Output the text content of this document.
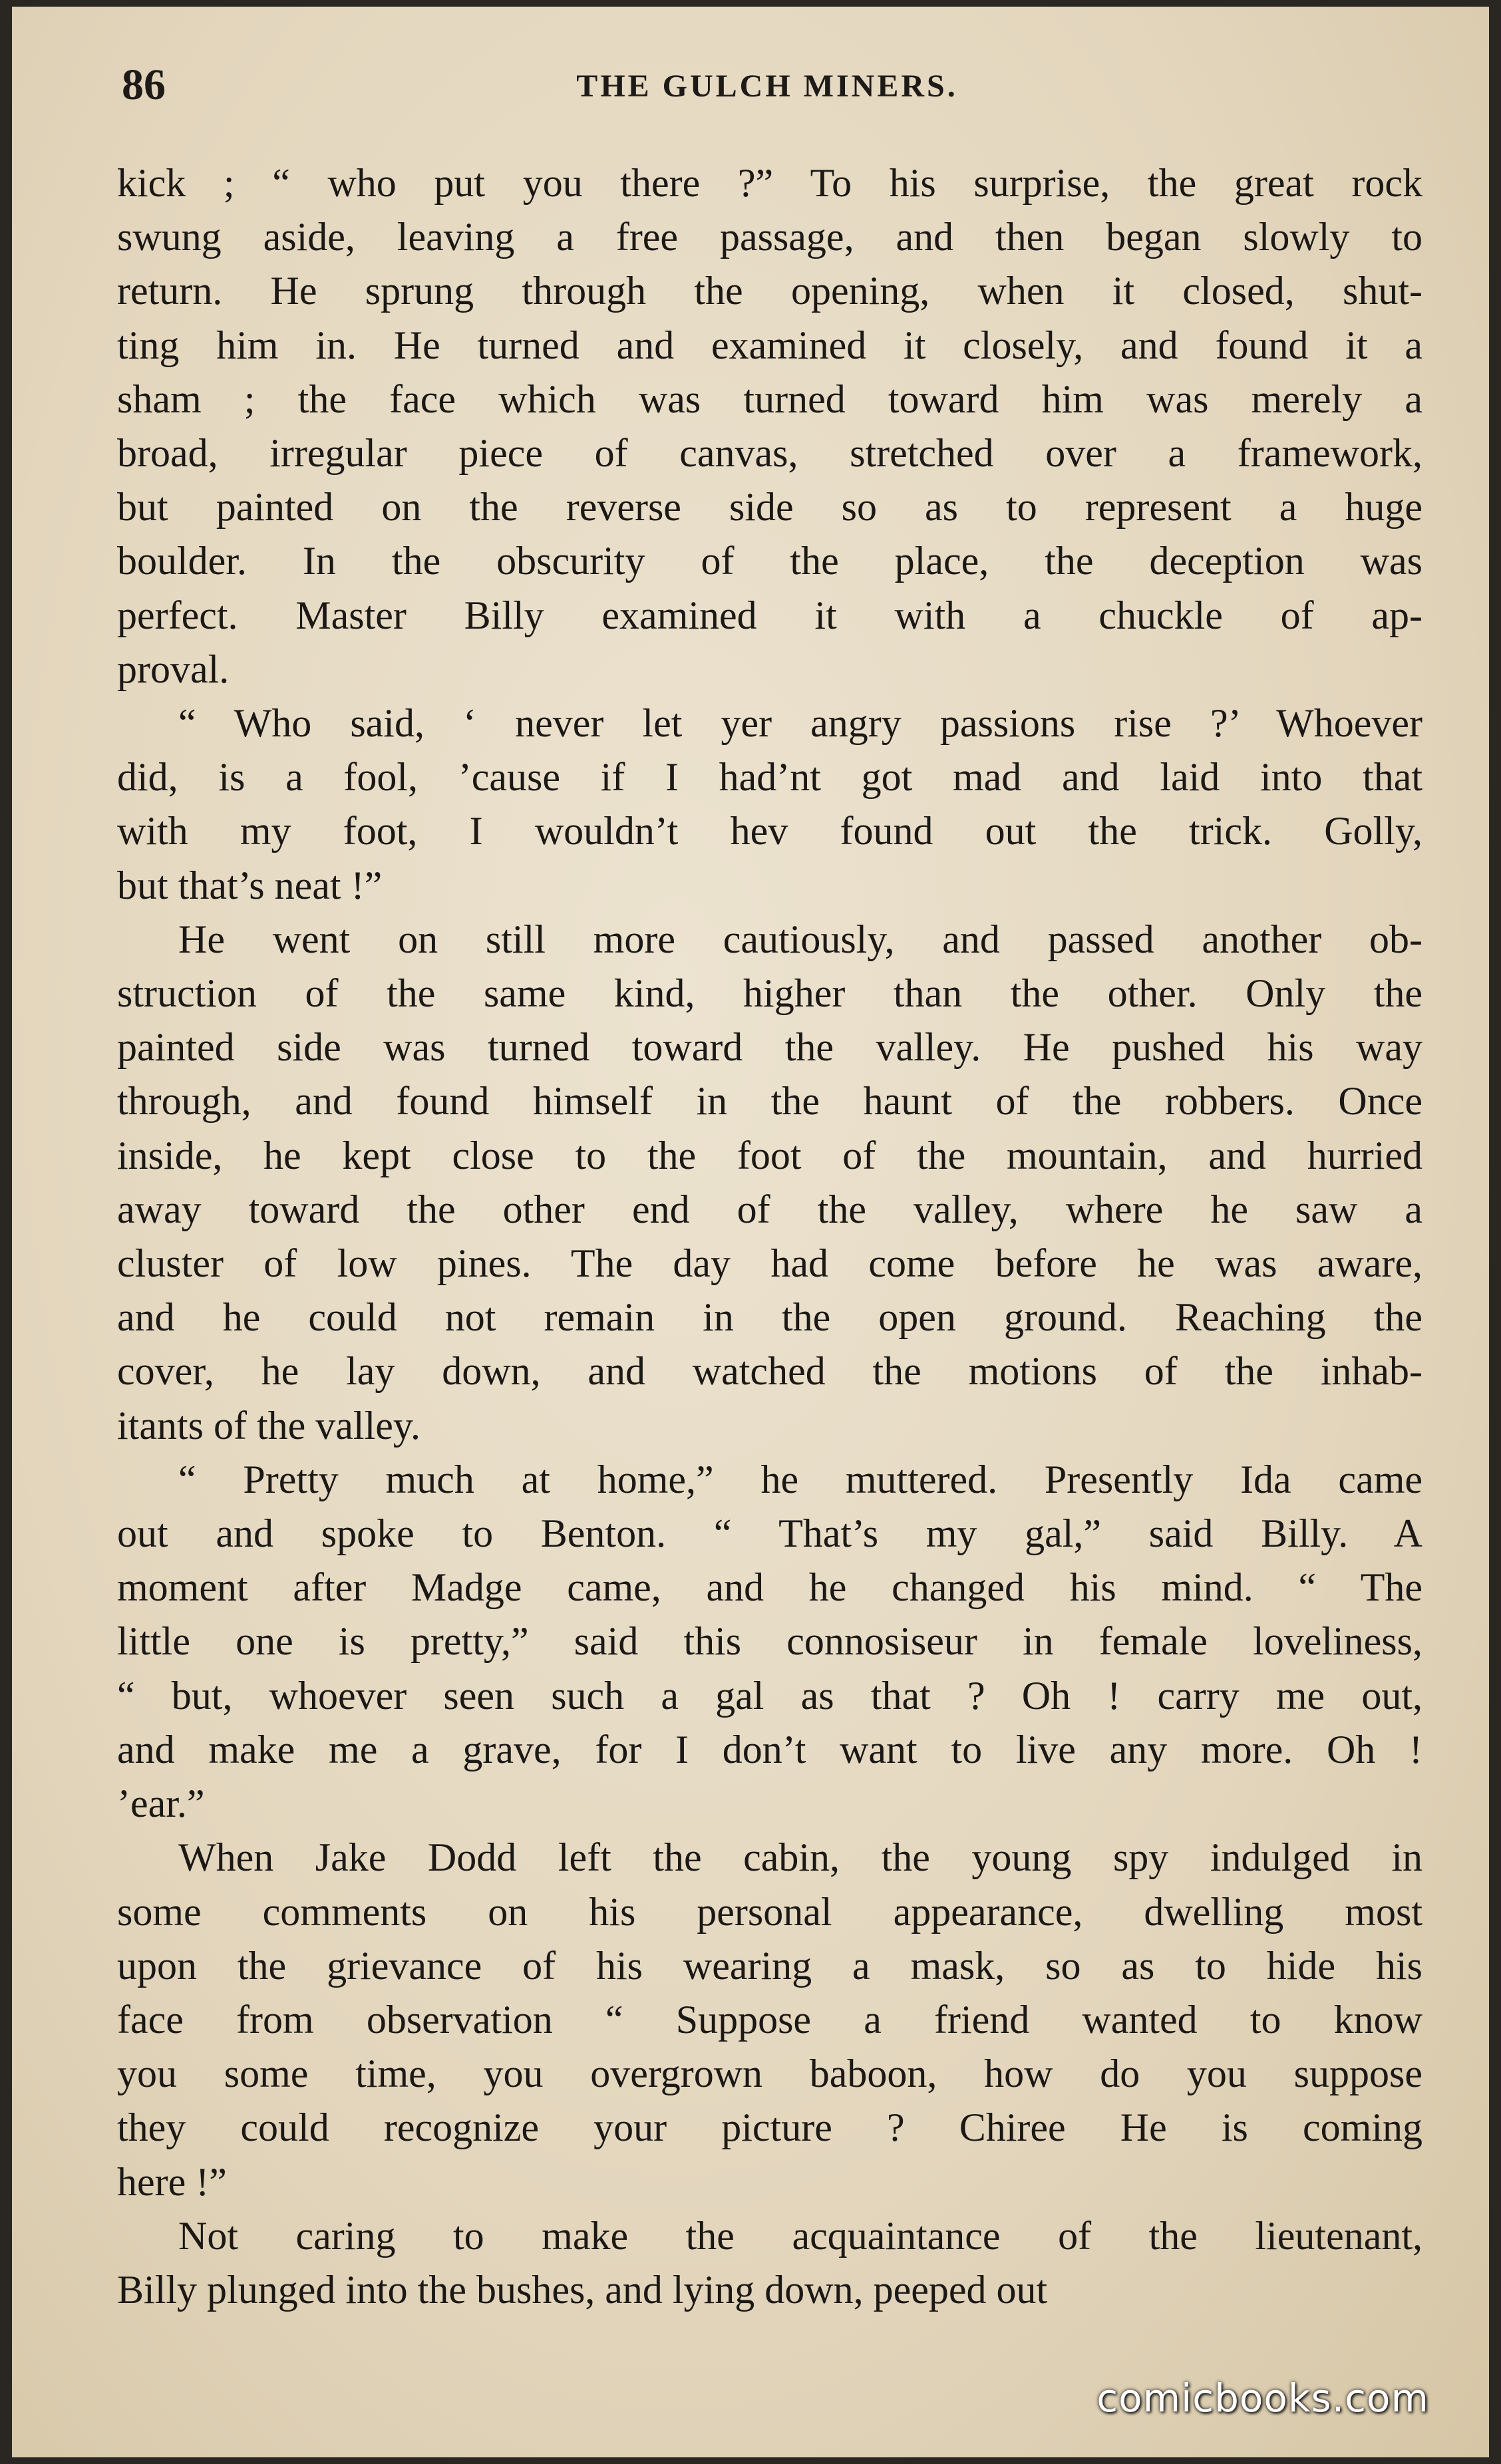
86	THE GULCH MINERS.
kick ; “ who put you there ?” To his surprise, the great rock
swung aside, leaving a free passage, and then began slowly to
return. He sprung through the opening, when it closed, shut-
ting him in. He turned and examined it closely, and found it a
sham ; the face which was turned toward him was merely a
broad, irregular piece of canvas, stretched over a framework,
but painted on the reverse side so as to represent a huge
boulder. In the obscurity of the place, the deception was
perfect. Master Billy examined it with a chuckle of ap-
proval.
“ Who said, ‘ never let yer angry passions rise ?’ Whoever
did, is a fool, ’cause if I had’nt got mad and laid into that
with my foot, I wouldn’t hev found out the trick. Golly,
but that’s neat !”
He went on still more cautiously, and passed another ob-
struction of the same kind, higher than the other. Only the
painted side was turned toward the valley. He pushed his way
through, and found himself in the haunt of the robbers. Once
inside, he kept close to the foot of the mountain, and hurried
away toward the other end of the valley, where he saw a
cluster of low pines. The day had come before he was aware,
and he could not remain in the open ground. Reaching the
cover, he lay down, and watched the motions of the inhab-
itants of the valley.
“ Pretty much at home,” he muttered. Presently Ida came
out and spoke to Benton. “ That’s my gal,” said Billy. A
moment after Madge came, and he changed his mind. “ The
little one is pretty,” said this connosiseur in female loveliness,
“ but, whoever seen such a gal as that ? Oh ! carry me out,
and make me a grave, for I don’t want to live any more. Oh !
’ear.”
When Jake Dodd left the cabin, the young spy indulged in
some comments on his personal appearance, dwelling most
upon the grievance of his wearing a mask, so as to hide his
face from observation “ Suppose a friend wanted to know
you some time, you overgrown baboon, how do you suppose
they could recognize your picture ? Chiree He is coming
here !”
Not caring to make the acquaintance of the lieutenant,
Billy plunged into the bushes, and lying down, peeped out
comicbooks.com
